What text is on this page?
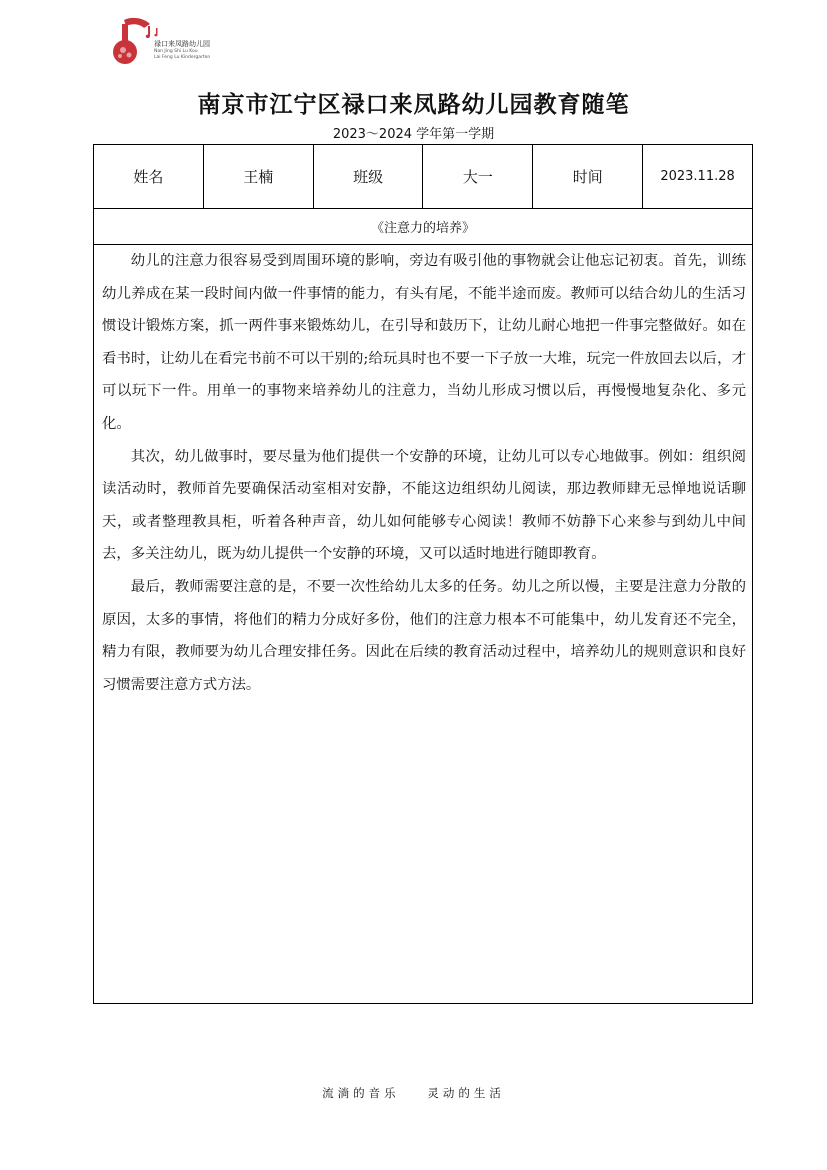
禄口来凤路幼儿园
Nan Jing Shi Lu Kou
Lai Feng Lu Kindergarten
南京市江宁区禄口来凤路幼儿园教育随笔
2023～2024 学年第一学期
姓名	王楠	班级	大一	时间	2023.11.28
《注意力的培养》

幼儿的注意力很容易受到周围环境的影响，旁边有吸引他的事物就会让他忘记初衷。首先，训练幼儿养成在某一段时间内做一件事情的能力，有头有尾，不能半途而废。教师可以结合幼儿的生活习惯设计锻炼方案，抓一两件事来锻炼幼儿，在引导和鼓历下，让幼儿耐心地把一件事完整做好。如在看书时，让幼儿在看完书前不可以干别的;给玩具时也不要一下子放一大堆，玩完一件放回去以后，才可以玩下一件。用单一的事物来培养幼儿的注意力，当幼儿形成习惯以后，再慢慢地复杂化、多元化。

其次，幼儿做事时，要尽量为他们提供一个安静的环境，让幼儿可以专心地做事。例如：组织阅读活动时，教师首先要确保活动室相对安静，不能这边组织幼儿阅读，那边教师肆无忌惮地说话聊天，或者整理教具柜，听着各种声音，幼儿如何能够专心阅读！教师不妨静下心来参与到幼儿中间去，多关注幼儿，既为幼儿提供一个安静的环境，又可以适时地进行随即教育。

最后，教师需要注意的是，不要一次性给幼儿太多的任务。幼儿之所以慢，主要是注意力分散的原因，太多的事情，将他们的精力分成好多份，他们的注意力根本不可能集中，幼儿发育还不完全，精力有限，教师要为幼儿合理安排任务。因此在后续的教育活动过程中，培养幼儿的规则意识和良好习惯需要注意方式方法。

流淌的音乐 灵动的生活
